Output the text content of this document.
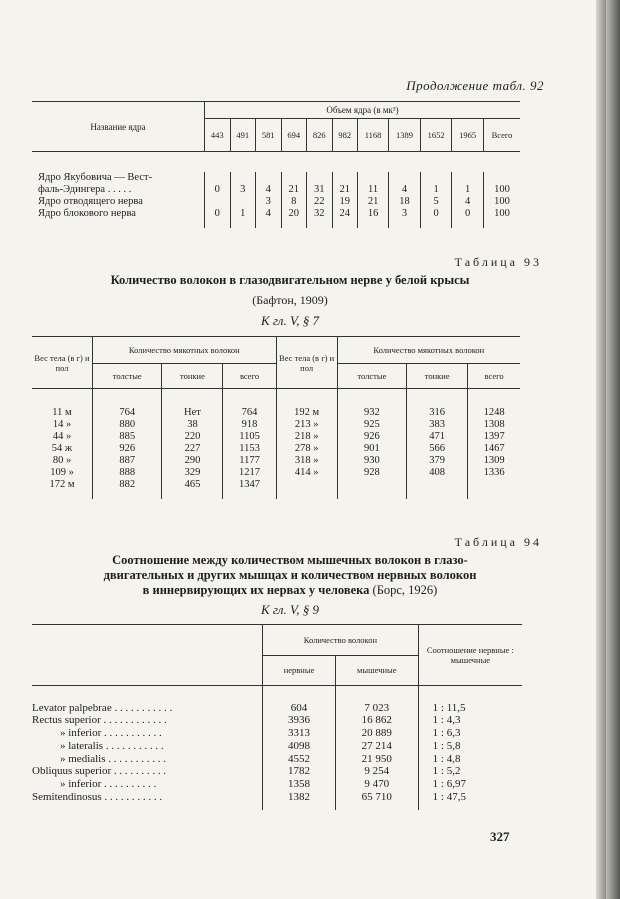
Продолжение табл. 92
Название ядра	Объем ядра (в мк³)										
	443	491	581	694	826	982	1168	1389	1652	1965	Всего

Ядро Якубовича — Вест-											
фаль-Эдингера . . . . .	0	3	4	21	31	21	11	4	1	1	100
Ядро отводящего нерва			3	8	22	19	21	18	5	4	100
Ядро блокового нерва	0	1	4	20	32	24	16	3	0	0	100

Таблица 93
Количество волокон в глазодвигательном нерве у белой крысы
(Бафтон, 1909)
К гл. V, § 7
Вес тела (в г) и пол	Количество мякотных волокон			Вес тела (в г) и пол	Количество мякотных волокон		
	толстые	тонкие	всего		толстые	тонкие	всего

11 м	764	Нет	764	192 м	932	316	1248
14 »	880	38	918	213 »	925	383	1308
44 »	885	220	1105	218 »	926	471	1397
54 ж	926	227	1153	278 »	901	566	1467
80 »	887	290	1177	318 »	930	379	1309
109 »	888	329	1217	414 »	928	408	1336
172 м	882	465	1347				

Таблица 94
Соотношение между количеством мышечных волокон в глазо-
двигательных и других мышцах и количеством нервных волокон
в иннервирующих их нервах у человека (Борс, 1926)
К гл. V, § 9
	Количество волокон		Соотношение нервные : мышечные
	нервные	мышечные	

Levator palpebrae . . . . . . . . . . .	604	7 023	1 : 11,5
Rectus superior . . . . . . . . . . . .	3936	16 862	1 : 4,3
» inferior . . . . . . . . . . .	3313	20 889	1 : 6,3
» lateralis . . . . . . . . . . .	4098	27 214	1 : 5,8
» medialis . . . . . . . . . . .	4552	21 950	1 : 4,8
Obliquus superior . . . . . . . . . .	1782	9 254	1 : 5,2
» inferior . . . . . . . . . .	1358	9 470	1 : 6,97
Semitendinosus . . . . . . . . . . .	1382	65 710	1 : 47,5

327
